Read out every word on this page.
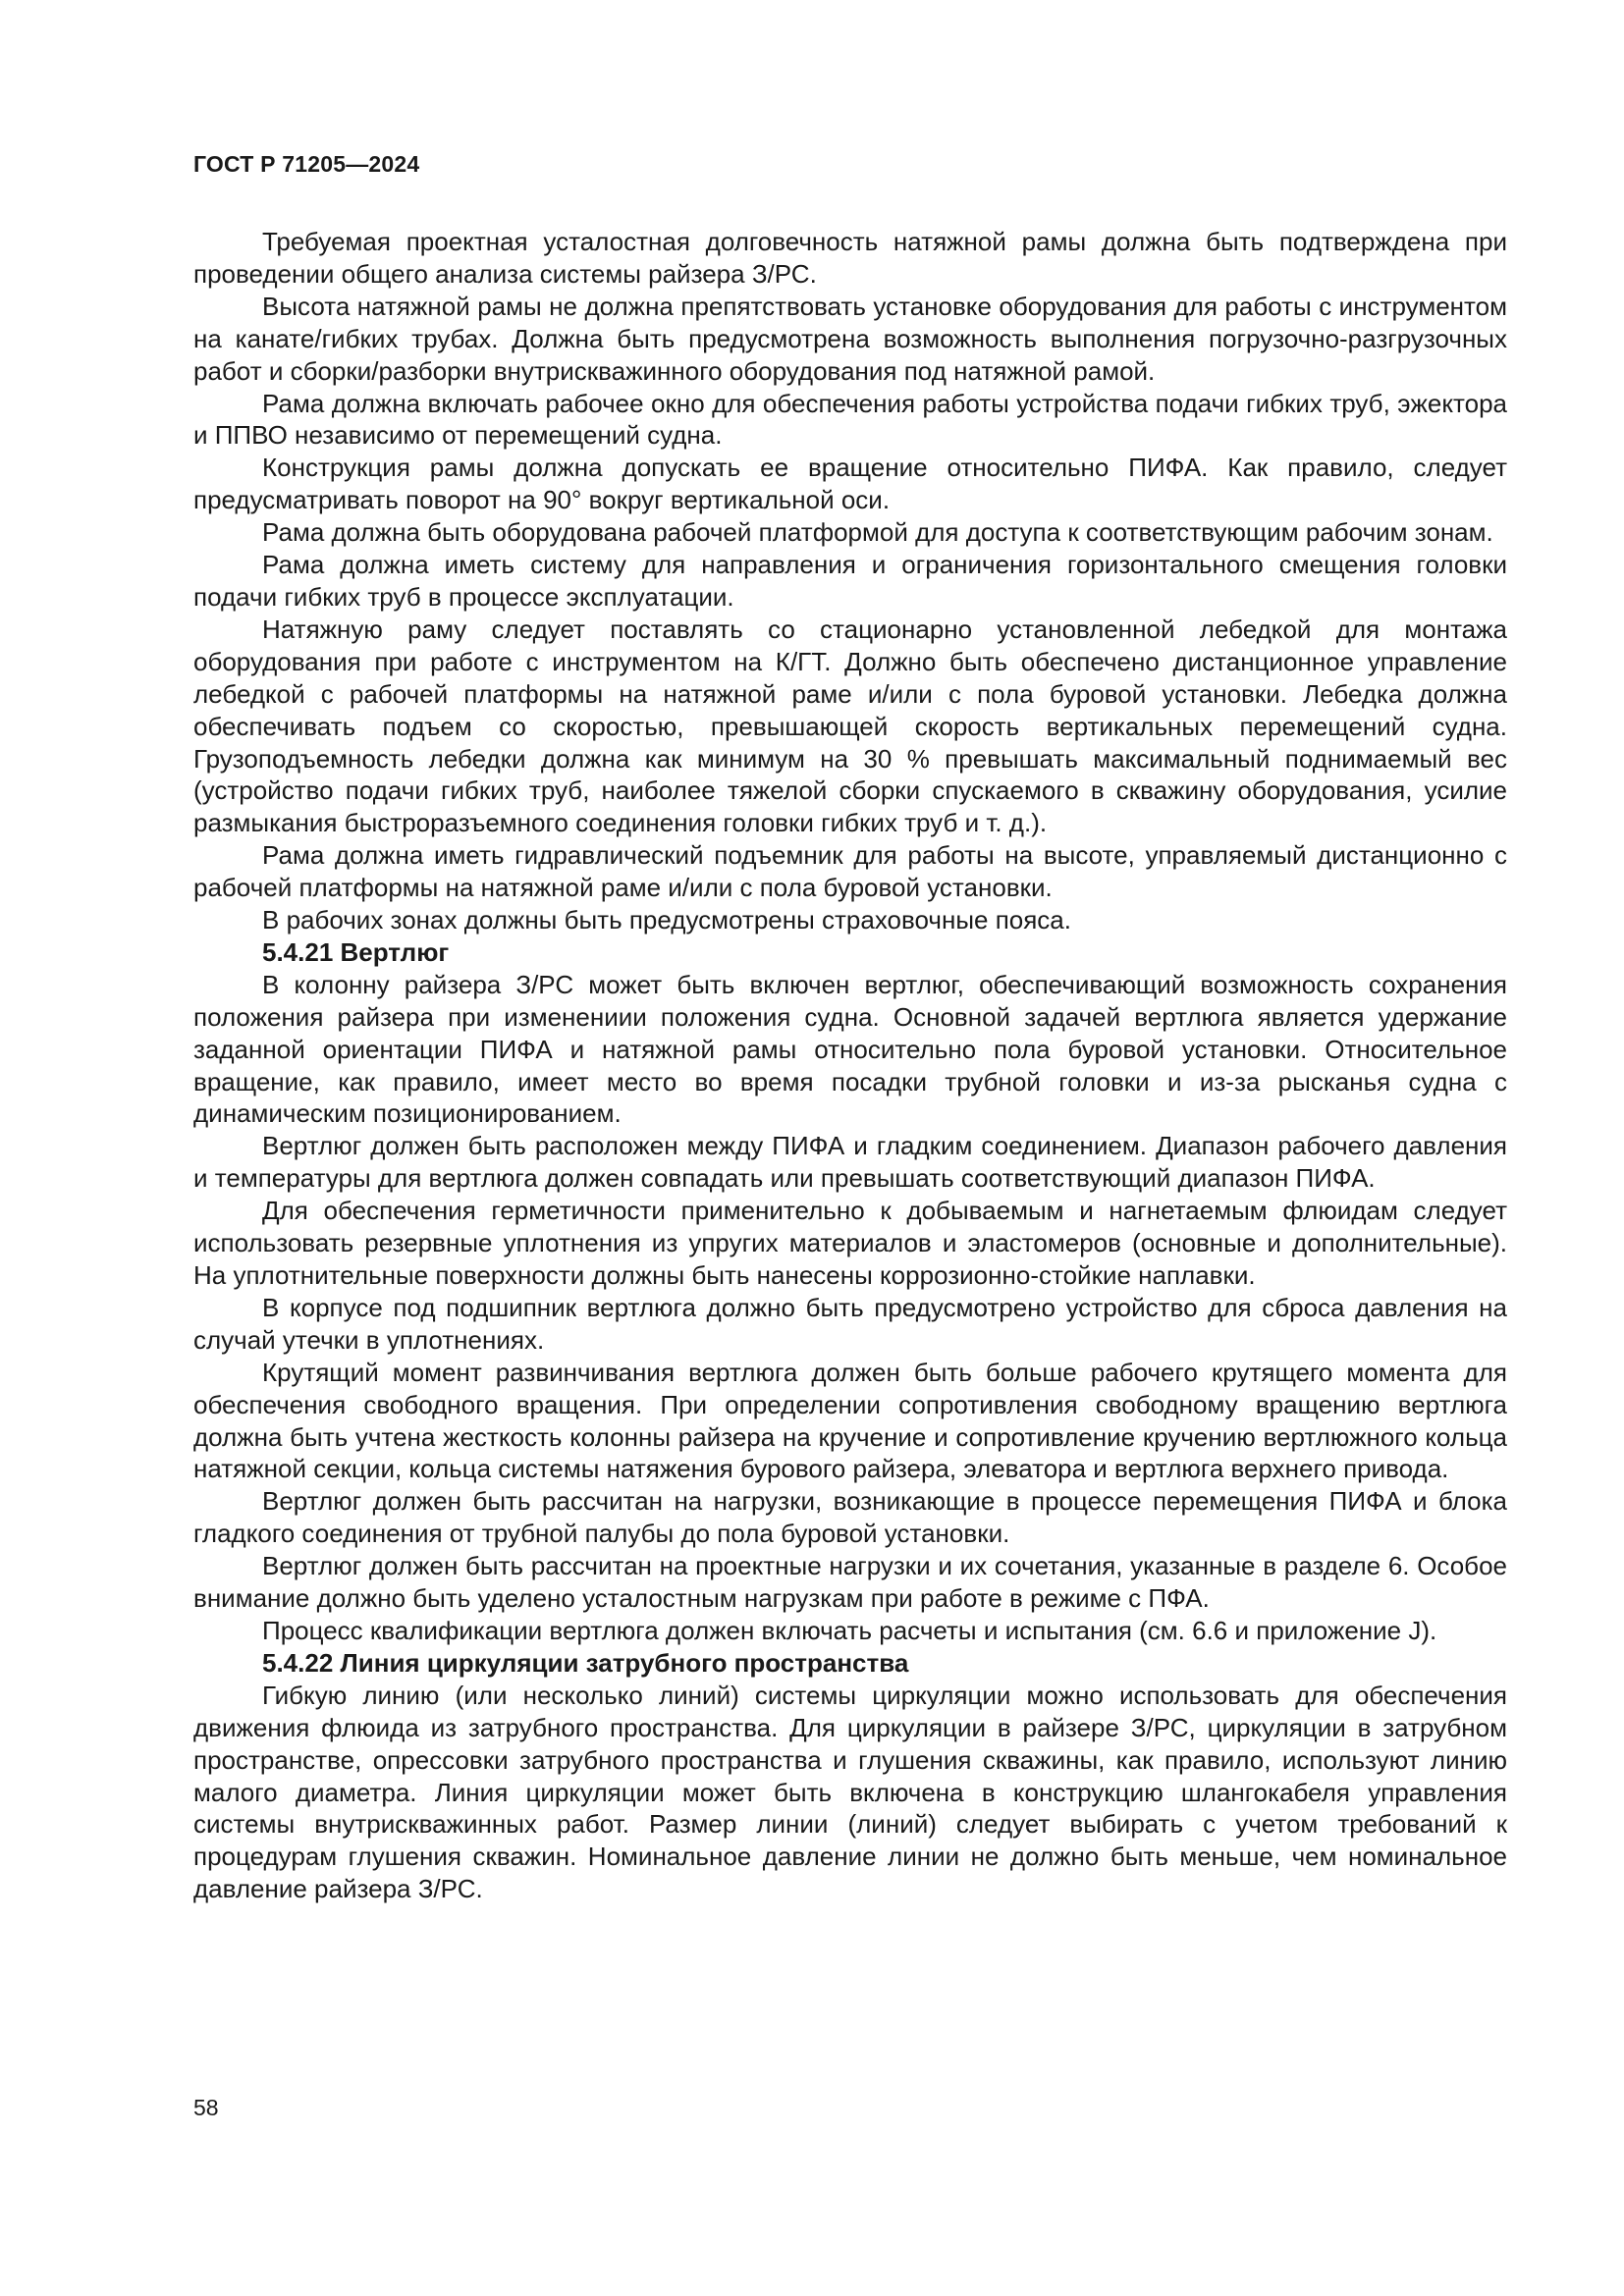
ГОСТ Р 71205—2024

Требуемая проектная усталостная долговечность натяжной рамы должна быть подтверждена при проведении общего анализа системы райзера З/РС.

Высота натяжной рамы не должна препятствовать установке оборудования для работы с инструментом на канате/гибких трубах. Должна быть предусмотрена возможность выполнения погрузочно-разгрузочных работ и сборки/разборки внутрискважинного оборудования под натяжной рамой.

Рама должна включать рабочее окно для обеспечения работы устройства подачи гибких труб, эжектора и ППВО независимо от перемещений судна.

Конструкция рамы должна допускать ее вращение относительно ПИФА. Как правило, следует предусматривать поворот на 90° вокруг вертикальной оси.

Рама должна быть оборудована рабочей платформой для доступа к соответствующим рабочим зонам.

Рама должна иметь систему для направления и ограничения горизонтального смещения головки подачи гибких труб в процессе эксплуатации.

Натяжную раму следует поставлять со стационарно установленной лебедкой для монтажа оборудования при работе с инструментом на К/ГТ. Должно быть обеспечено дистанционное управление лебедкой с рабочей платформы на натяжной раме и/или с пола буровой установки. Лебедка должна обеспечивать подъем со скоростью, превышающей скорость вертикальных перемещений судна. Грузоподъемность лебедки должна как минимум на 30 % превышать максимальный поднимаемый вес (устройство подачи гибких труб, наиболее тяжелой сборки спускаемого в скважину оборудования, усилие размыкания быстроразъемного соединения головки гибких труб и т. д.).

Рама должна иметь гидравлический подъемник для работы на высоте, управляемый дистанционно с рабочей платформы на натяжной раме и/или с пола буровой установки.

В рабочих зонах должны быть предусмотрены страховочные пояса.

5.4.21 Вертлюг

В колонну райзера З/РС может быть включен вертлюг, обеспечивающий возможность сохранения положения райзера при изменениии положения судна. Основной задачей вертлюга является удержание заданной ориентации ПИФА и натяжной рамы относительно пола буровой установки. Относительное вращение, как правило, имеет место во время посадки трубной головки и из-за рысканья судна с динамическим позиционированием.

Вертлюг должен быть расположен между ПИФА и гладким соединением. Диапазон рабочего давления и температуры для вертлюга должен совпадать или превышать соответствующий диапазон ПИФА.

Для обеспечения герметичности применительно к добываемым и нагнетаемым флюидам следует использовать резервные уплотнения из упругих материалов и эластомеров (основные и дополнительные). На уплотнительные поверхности должны быть нанесены коррозионно-стойкие наплавки.

В корпусе под подшипник вертлюга должно быть предусмотрено устройство для сброса давления на случай утечки в уплотнениях.

Крутящий момент развинчивания вертлюга должен быть больше рабочего крутящего момента для обеспечения свободного вращения. При определении сопротивления свободному вращению вертлюга должна быть учтена жесткость колонны райзера на кручение и сопротивление кручению вертлюжного кольца натяжной секции, кольца системы натяжения бурового райзера, элеватора и вертлюга верхнего привода.

Вертлюг должен быть рассчитан на нагрузки, возникающие в процессе перемещения ПИФА и блока гладкого соединения от трубной палубы до пола буровой установки.

Вертлюг должен быть рассчитан на проектные нагрузки и их сочетания, указанные в разделе 6. Особое внимание должно быть уделено усталостным нагрузкам при работе в режиме с ПФА.

Процесс квалификации вертлюга должен включать расчеты и испытания (см. 6.6 и приложение J).

5.4.22 Линия циркуляции затрубного пространства

Гибкую линию (или несколько линий) системы циркуляции можно использовать для обеспечения движения флюида из затрубного пространства. Для циркуляции в райзере З/РС, циркуляции в затрубном пространстве, опрессовки затрубного пространства и глушения скважины, как правило, используют линию малого диаметра. Линия циркуляции может быть включена в конструкцию шлангокабеля управления системы внутрискважинных работ. Размер линии (линий) следует выбирать с учетом требований к процедурам глушения скважин. Номинальное давление линии не должно быть меньше, чем номинальное давление райзера З/РС.

58
